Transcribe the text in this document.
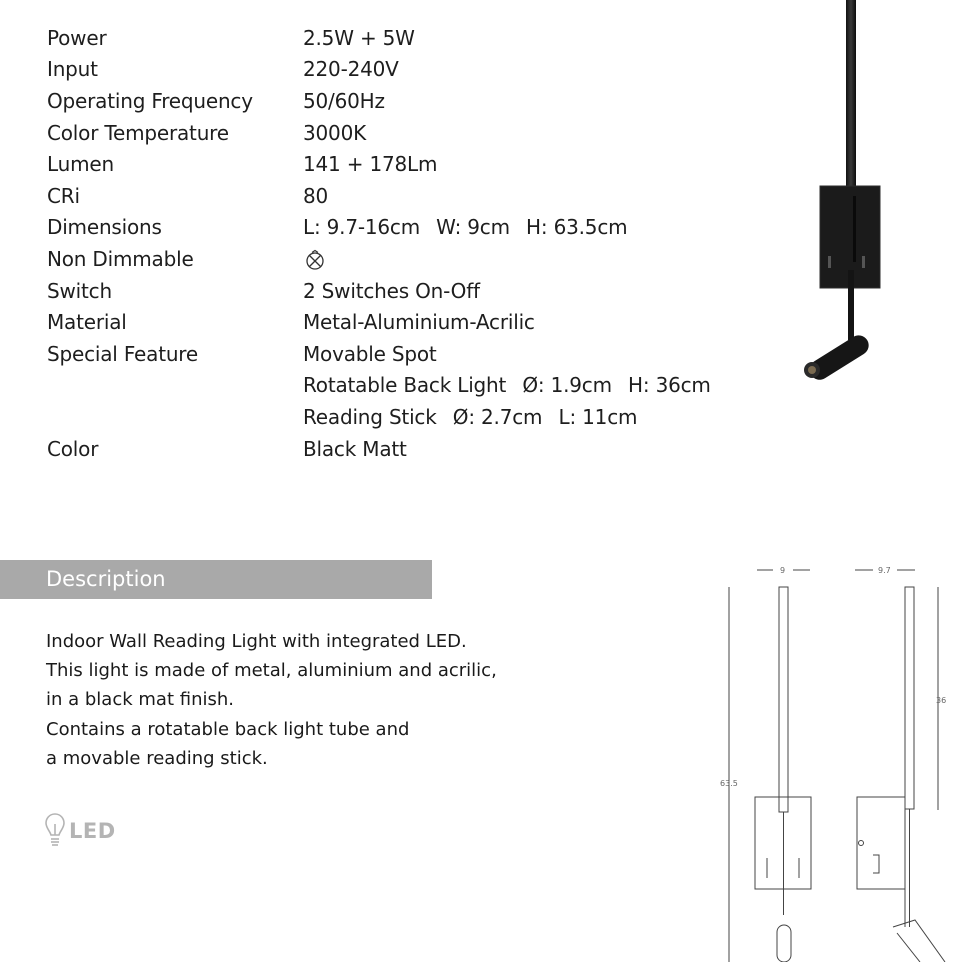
Power	2.5W + 5W
Input	220-240V
Operating Frequency	50/60Hz
Color Temperature	3000K
Lumen	141 + 178Lm
CRi	80
Dimensions	L: 9.7-16cm W: 9cm H: 63.5cm
Non Dimmable
Switch	2 Switches On-Off
Material	Metal-Aluminium-Acrilic
Special Feature	Movable Spot
Rotatable Back Light Ø: 1.9cm H: 36cm
Reading Stick Ø: 2.7cm L: 11cm
Color	Black Matt
Description
Indoor Wall Reading Light with integrated LED.
This light is made of metal, aluminium and acrilic,
in a black mat finish.
Contains a rotatable back light tube and
a movable reading stick.
LED
9	9.7
63.5
36
